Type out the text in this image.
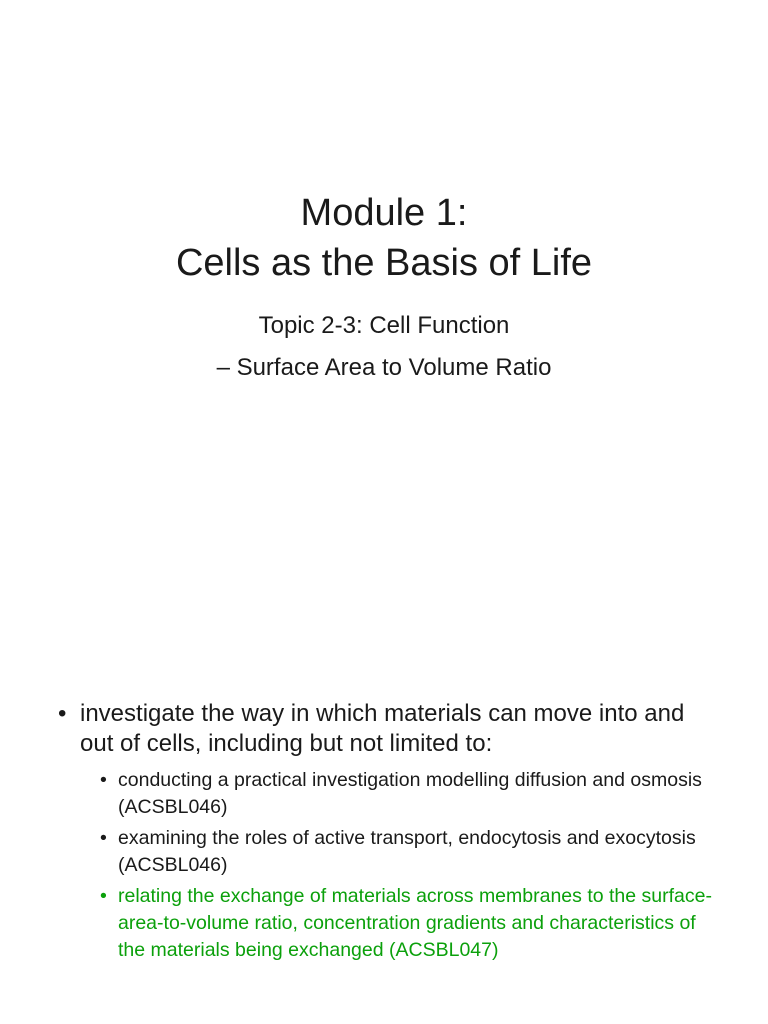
Module 1:

Cells as the Basis of Life

Topic 2-3: Cell Function

– Surface Area to Volume Ratio

• investigate the way in which materials can move into and out of cells, including but not limited to:
• conducting a practical investigation modelling diffusion and osmosis (ACSBL046)
• examining the roles of active transport, endocytosis and exocytosis (ACSBL046)
• relating the exchange of materials across membranes to the surface-area-to-volume ratio, concentration gradients and characteristics of the materials being exchanged (ACSBL047)
